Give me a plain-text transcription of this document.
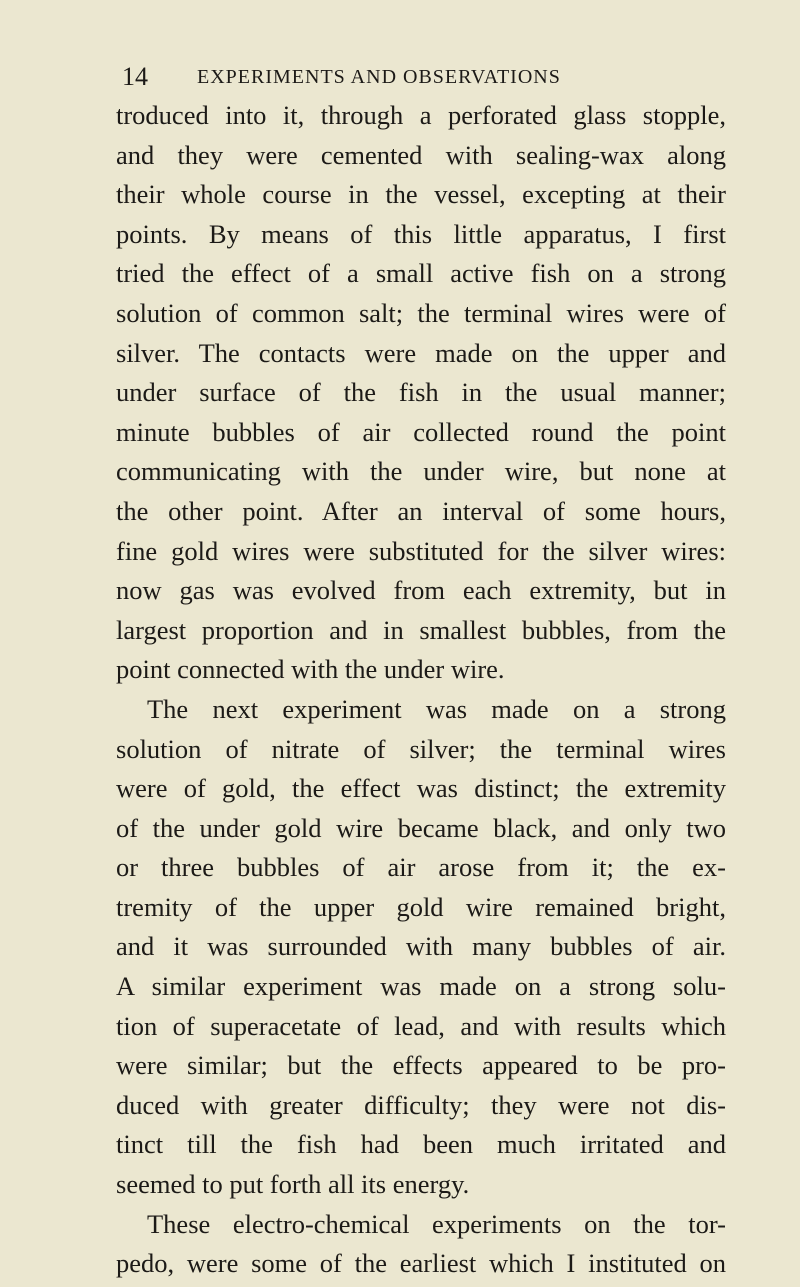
14 EXPERIMENTS AND OBSERVATIONS
troduced into it, through a perforated glass stopple,
and they were cemented with sealing-wax along
their whole course in the vessel, excepting at their
points. By means of this little apparatus, I first
tried the effect of a small active fish on a strong
solution of common salt; the terminal wires were of
silver. The contacts were made on the upper and
under surface of the fish in the usual manner;
minute bubbles of air collected round the point
communicating with the under wire, but none at
the other point. After an interval of some hours,
fine gold wires were substituted for the silver wires:
now gas was evolved from each extremity, but in
largest proportion and in smallest bubbles, from the
point connected with the under wire.
The next experiment was made on a strong
solution of nitrate of silver; the terminal wires
were of gold, the effect was distinct; the extremity
of the under gold wire became black, and only two
or three bubbles of air arose from it; the ex-
tremity of the upper gold wire remained bright,
and it was surrounded with many bubbles of air.
A similar experiment was made on a strong solu-
tion of superacetate of lead, and with results which
were similar; but the effects appeared to be pro-
duced with greater difficulty; they were not dis-
tinct till the fish had been much irritated and
seemed to put forth all its energy.
These electro-chemical experiments on the tor-
pedo, were some of the earliest which I instituted on
